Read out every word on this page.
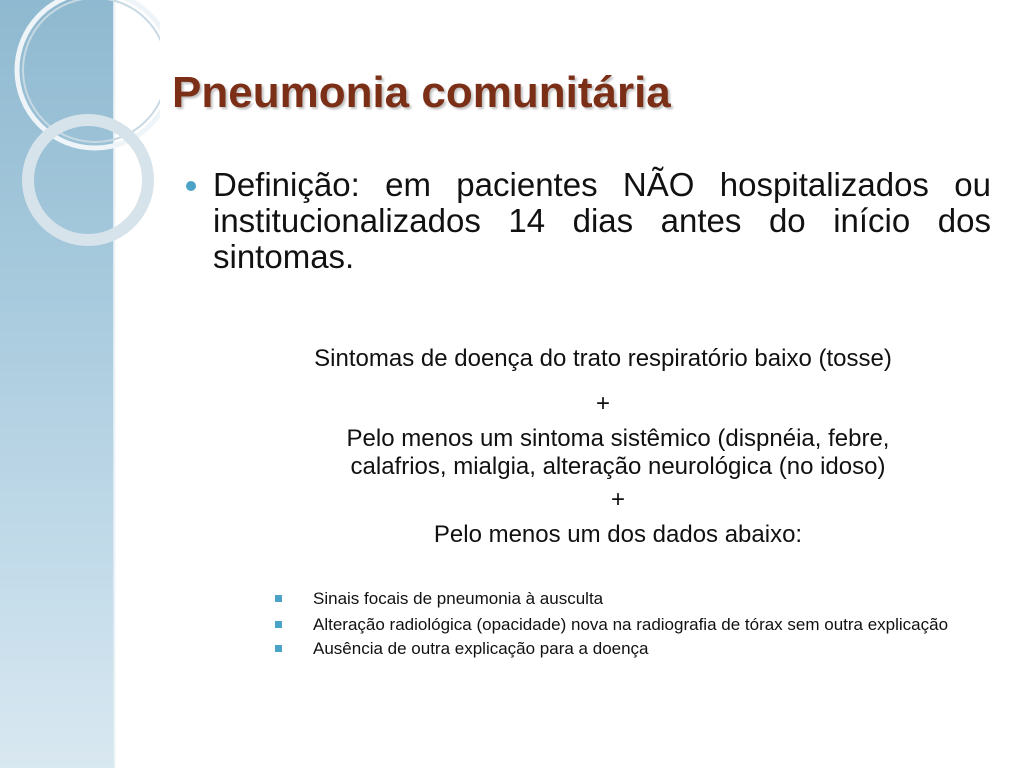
Pneumonia comunitária
Definição: em pacientes NÃO hospitalizados ou institucionalizados 14 dias antes do início dos sintomas.
Sintomas de doença do trato respiratório baixo (tosse)
+
Pelo menos um sintoma sistêmico (dispnéia, febre,
calafrios, mialgia, alteração neurológica (no idoso)
+
Pelo menos um dos dados abaixo:
Sinais focais de pneumonia à ausculta
Alteração radiológica (opacidade) nova na radiografia de tórax sem outra explicação
Ausência de outra explicação para a doença
